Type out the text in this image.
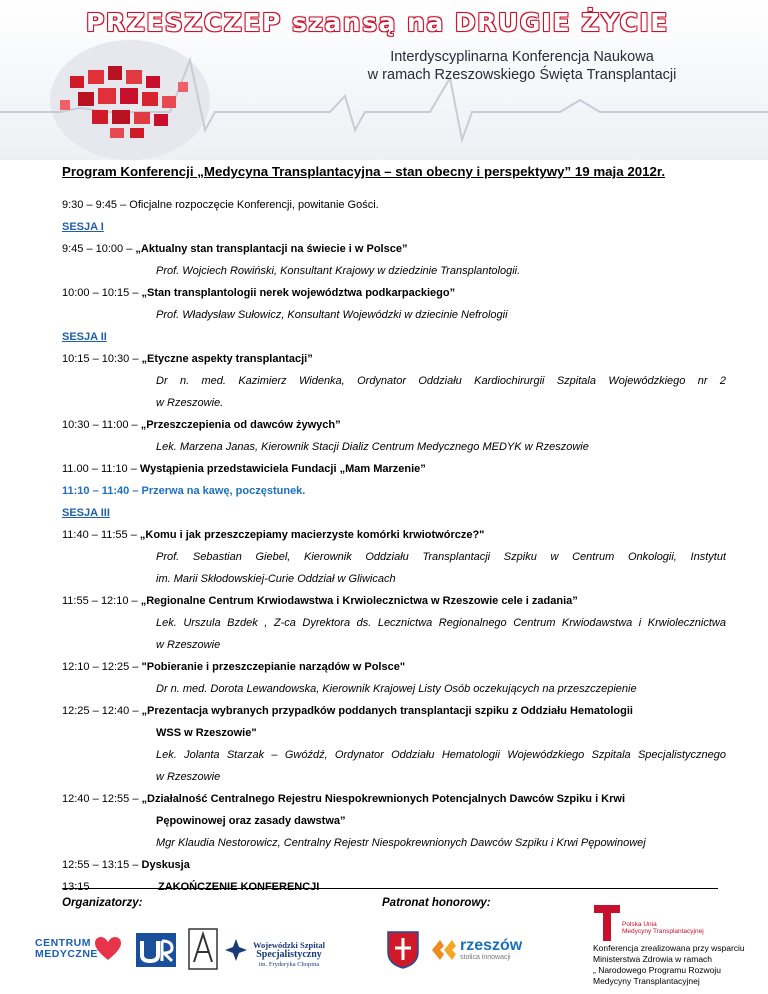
PRZESZCZEP szansą na DRUGIE ŻYCIE
Interdyscyplinarna Konferencja Naukowa
w ramach Rzeszowskiego Święta Transplantacji
Program Konferencji „Medycyna Transplantacyjna – stan obecny i perspektywy” 19 maja 2012r.
9:30 – 9:45 – Oficjalne rozpoczęcie Konferencji, powitanie Gości.
SESJA I
9:45 – 10:00 – „Aktualny stan transplantacji na świecie i w Polsce”
Prof. Wojciech Rowiński, Konsultant Krajowy w dziedzinie Transplantologii.
10:00 – 10:15 – „Stan transplantologii nerek województwa podkarpackiego”
Prof. Władysław Sułowicz, Konsultant Wojewódzki w dziecinie Nefrologii
SESJA II
10:15 – 10:30 – „Etyczne aspekty transplantacji”
Dr n. med. Kazimierz Widenka, Ordynator Oddziału Kardiochirurgii Szpitala Wojewódzkiego nr 2
w Rzeszowie.
10:30 – 11:00 – „Przeszczepienia od dawców żywych”
Lek. Marzena Janas, Kierownik Stacji Dializ Centrum Medycznego MEDYK w Rzeszowie
11.00 – 11:10 – Wystąpienia przedstawiciela Fundacji „Mam Marzenie”
11:10 – 11:40 – Przerwa na kawę, poczęstunek.
SESJA III
11:40 – 11:55 – „Komu i jak przeszczepiamy macierzyste komórki krwiotwórcze?"
Prof. Sebastian Giebel, Kierownik Oddziału Transplantacji Szpiku w Centrum Onkologii, Instytut
im. Marii Skłodowskiej-Curie Oddział w Gliwicach
11:55 – 12:10 – „Regionalne Centrum Krwiodawstwa i Krwiolecznictwa w Rzeszowie cele i zadania”
Lek. Urszula Bzdek , Z-ca Dyrektora ds. Lecznictwa Regionalnego Centrum Krwiodawstwa i Krwiolecznictwa
w Rzeszowie
12:10 – 12:25 – "Pobieranie i przeszczepianie narządów w Polsce"
Dr n. med. Dorota Lewandowska, Kierownik Krajowej Listy Osób oczekujących na przeszczepienie
12:25 – 12:40 – „Prezentacja wybranych przypadków poddanych transplantacji szpiku z Oddziału Hematologii
WSS w Rzeszowie"
Lek. Jolanta Starzak – Gwóźdź, Ordynator Oddziału Hematologii Wojewódzkiego Szpitala Specjalistycznego
w Rzeszowie
12:40 – 12:55 – „Działalność Centralnego Rejestru Niespokrewnionych Potencjalnych Dawców Szpiku i Krwi
Pępowinowej oraz zasady dawstwa”
Mgr Klaudia Nestorowicz, Centralny Rejestr Niespokrewnionych Dawców Szpiku i Krwi Pępowinowej
12:55 – 13:15 – Dyskusja
13:15	ZAKOŃCZENIE KONFERENCJI
Organizatorzy:	Patronat honorowy:
CENTRUM
MEDYCZNE
Wojewódzki Szpital
Specjalistyczny
im. Fryderyka Chopina
rzeszów
stolica innowacji
Polska Unia
Medycyny Transplantacyjnej
Konferencja zrealizowana przy wsparciu
Ministerstwa Zdrowia w ramach
„ Narodowego Programu Rozwoju
Medycyny Transplantacyjnej
